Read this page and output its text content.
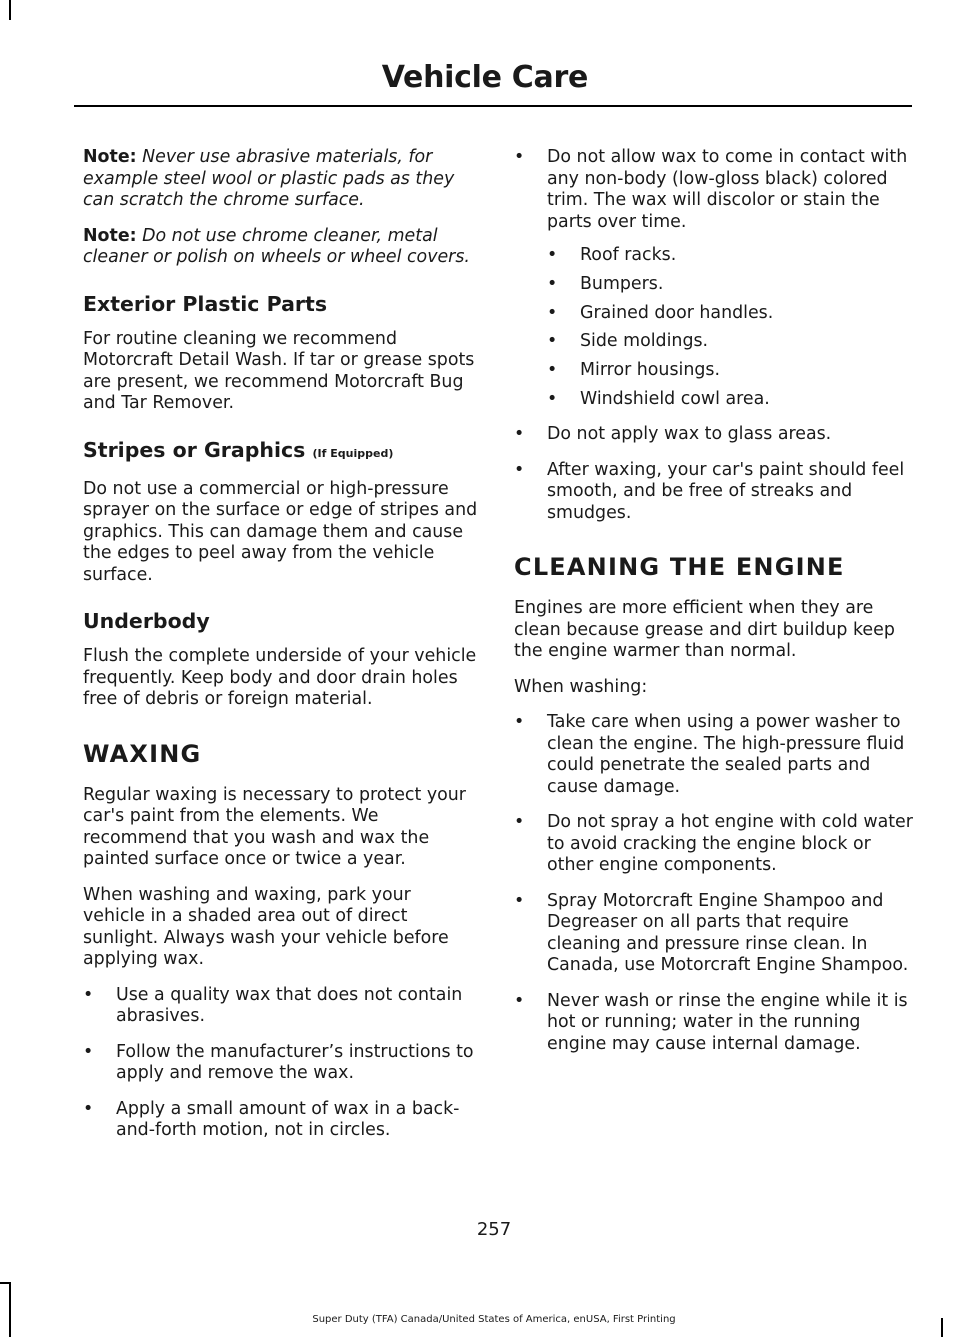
Vehicle Care

Note: Never use abrasive materials, for example steel wool or plastic pads as they can scratch the chrome surface.

Note: Do not use chrome cleaner, metal cleaner or polish on wheels or wheel covers.

Exterior Plastic Parts

For routine cleaning we recommend Motorcraft Detail Wash. If tar or grease spots are present, we recommend Motorcraft Bug and Tar Remover.

Stripes or Graphics (If Equipped)

Do not use a commercial or high-pressure sprayer on the surface or edge of stripes and graphics. This can damage them and cause the edges to peel away from the vehicle surface.

Underbody

Flush the complete underside of your vehicle frequently. Keep body and door drain holes free of debris or foreign material.

WAXING

Regular waxing is necessary to protect your car's paint from the elements. We recommend that you wash and wax the painted surface once or twice a year.

When washing and waxing, park your vehicle in a shaded area out of direct sunlight. Always wash your vehicle before applying wax.

• Use a quality wax that does not contain abrasives.
• Follow the manufacturer’s instructions to apply and remove the wax.
• Apply a small amount of wax in a back-and-forth motion, not in circles.
• Do not allow wax to come in contact with any non-body (low-gloss black) colored trim. The wax will discolor or stain the parts over time.
• Roof racks.
• Bumpers.
• Grained door handles.
• Side moldings.
• Mirror housings.
• Windshield cowl area.
• Do not apply wax to glass areas.
• After waxing, your car's paint should feel smooth, and be free of streaks and smudges.
CLEANING THE ENGINE

Engines are more efficient when they are clean because grease and dirt buildup keep the engine warmer than normal.

When washing:

• Take care when using a power washer to clean the engine. The high-pressure fluid could penetrate the sealed parts and cause damage.
• Do not spray a hot engine with cold water to avoid cracking the engine block or other engine components.
• Spray Motorcraft Engine Shampoo and Degreaser on all parts that require cleaning and pressure rinse clean. In Canada, use Motorcraft Engine Shampoo.
• Never wash or rinse the engine while it is hot or running; water in the running engine may cause internal damage.
257
Super Duty (TFA) Canada/United States of America, enUSA, First Printing
